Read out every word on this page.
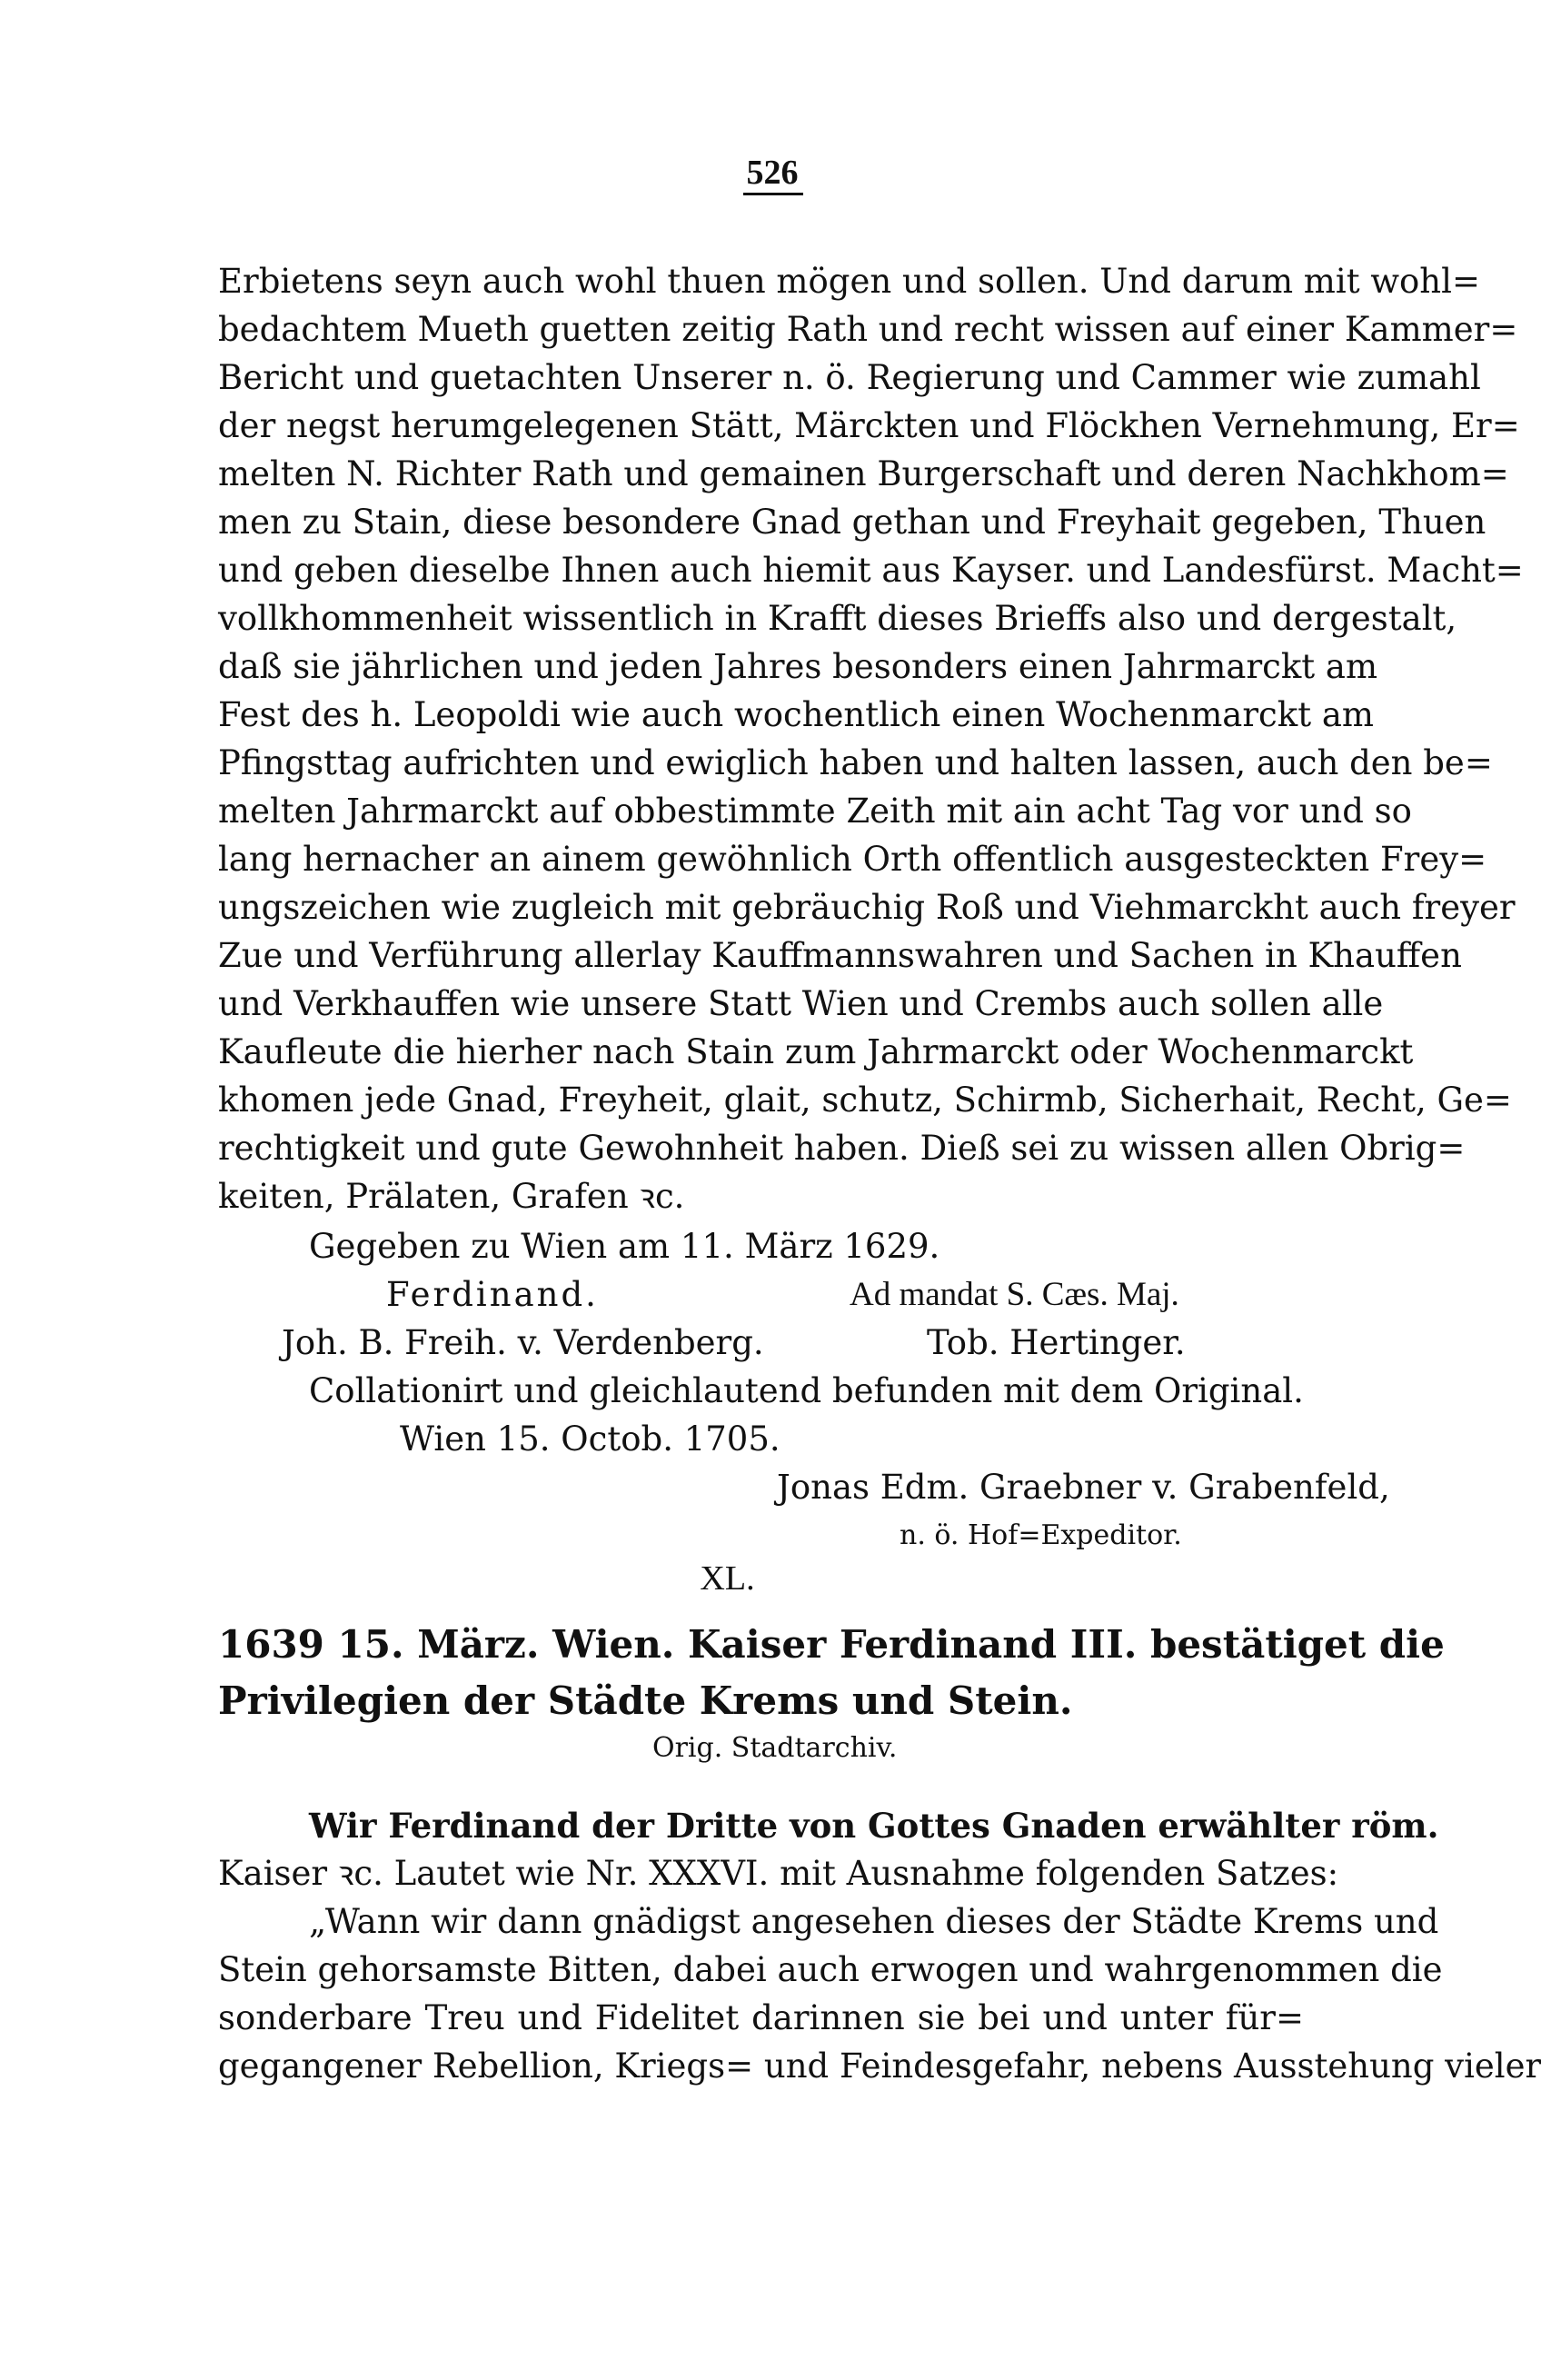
526
Erbietens seyn auch wohl thuen mögen und sollen. Und darum mit wohl=
bedachtem Mueth guetten zeitig Rath und recht wissen auf einer Kammer=
Bericht und guetachten Unserer n. ö. Regierung und Cammer wie zumahl
der negst herumgelegenen Stätt, Märckten und Flöckhen Vernehmung, Er=
melten N. Richter Rath und gemainen Burgerschaft und deren Nachkhom=
men zu Stain, diese besondere Gnad gethan und Freyhait gegeben, Thuen
und geben dieselbe Ihnen auch hiemit aus Kayser. und Landesfürst. Macht=
vollkhommenheit wissentlich in Krafft dieses Brieffs also und dergestalt,
daß sie jährlichen und jeden Jahres besonders einen Jahrmarckt am
Fest des h. Leopoldi wie auch wochentlich einen Wochenmarckt am
Pfingsttag aufrichten und ewiglich haben und halten lassen, auch den be=
melten Jahrmarckt auf obbestimmte Zeith mit ain acht Tag vor und so
lang hernacher an ainem gewöhnlich Orth offentlich ausgesteckten Frey=
ungszeichen wie zugleich mit gebräuchig Roß und Viehmarckht auch freyer
Zue und Verführung allerlay Kauffmannswahren und Sachen in Khauffen
und Verkhauffen wie unsere Statt Wien und Crembs auch sollen alle
Kaufleute die hierher nach Stain zum Jahrmarckt oder Wochenmarckt
khomen jede Gnad, Freyheit, glait, schutz, Schirmb, Sicherhait, Recht, Ge=
rechtigkeit und gute Gewohnheit haben. Dieß sei zu wissen allen Obrig=
keiten, Prälaten, Grafen ꝛc.
Gegeben zu Wien am 11. März 1629.
Ferdinand.	Ad mandat S. Cæs. Maj.
Joh. B. Freih. v. Verdenberg.	Tob. Hertinger.
Collationirt und gleichlautend befunden mit dem Original.
Wien 15. Octob. 1705.
Jonas Edm. Graebner v. Grabenfeld,
n. ö. Hof=Expeditor.
XL.
1639 15. März. Wien. Kaiser Ferdinand III. bestätiget die
Privilegien der Städte Krems und Stein.
Orig. Stadtarchiv.
Wir Ferdinand der Dritte von Gottes Gnaden erwählter röm.
Kaiser ꝛc. Lautet wie Nr. XXXVI. mit Ausnahme folgenden Satzes:
„Wann wir dann gnädigst angesehen dieses der Städte Krems und
Stein gehorsamste Bitten, dabei auch erwogen und wahrgenommen die
sonderbare Treu und Fidelitet darinnen sie bei und unter für=
gegangener Rebellion, Kriegs= und Feindesgefahr, nebens Ausstehung vieler
